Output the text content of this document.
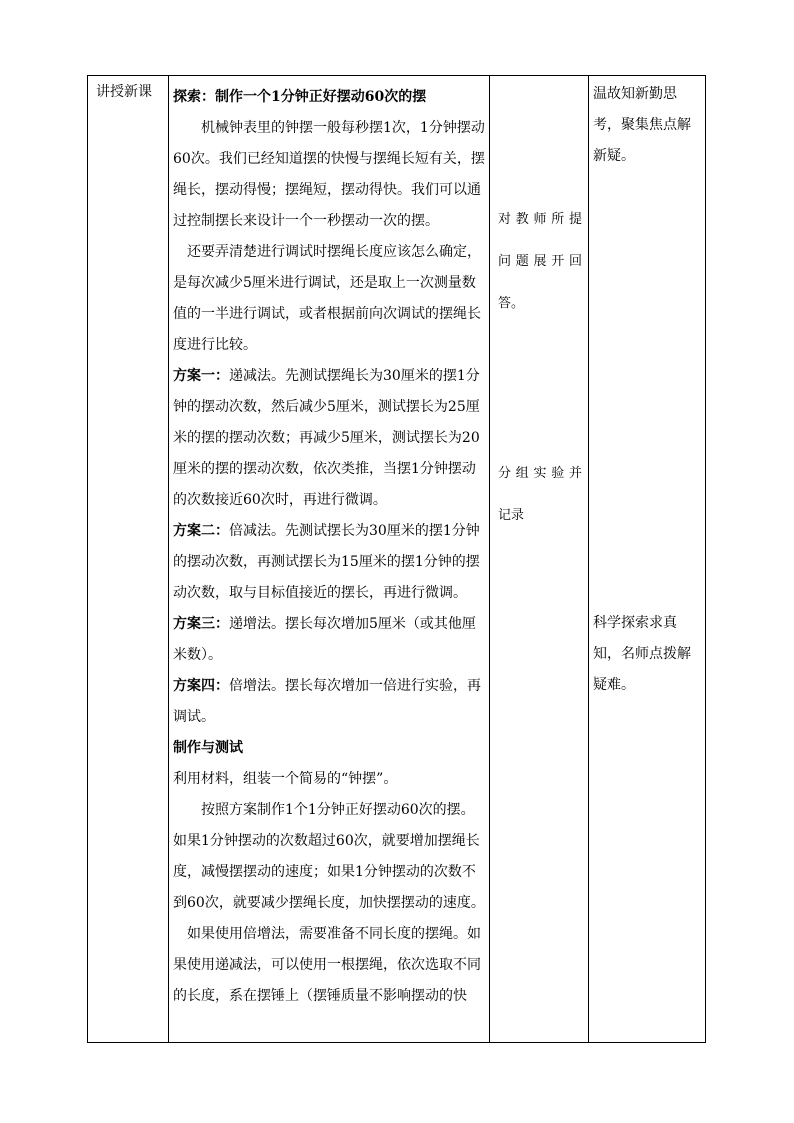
讲授新课 探索：制作一个1分钟正好摆动60次的摆

机械钟表里的钟摆一般每秒摆1次，1分钟摆动60次。我们已经知道摆的快慢与摆绳长短有关，摆绳长，摆动得慢；摆绳短，摆动得快。我们可以通过控制摆长来设计一个一秒摆动一次的摆。

还要弄清楚进行调试时摆绳长度应该怎么确定，是每次减少5厘米进行调试，还是取上一次测量数值的一半进行调试，或者根据前向次调试的摆绳长度进行比较。

方案一：递减法。先测试摆绳长为30厘米的摆1分钟的摆动次数，然后减少5厘米，测试摆长为25厘米的摆的摆动次数；再减少5厘米，测试摆长为20厘米的摆的摆动次数，依次类推，当摆1分钟摆动的次数接近60次时，再进行微调。

方案二：倍减法。先测试摆长为30厘米的摆1分钟的摆动次数，再测试摆长为15厘米的摆1分钟的摆动次数，取与目标值接近的摆长，再进行微调。

方案三：递增法。摆长每次增加5厘米（或其他厘米数）。

方案四：倍增法。摆长每次增加一倍进行实验，再调试。

制作与测试

利用材料，组装一个简易的“钟摆”。

按照方案制作1个1分钟正好摆动60次的摆。如果1分钟摆动的次数超过60次，就要增加摆绳长度，减慢摆摆动的速度；如果1分钟摆动的次数不到60次，就要减少摆绳长度，加快摆摆动的速度。

如果使用倍增法，需要准备不同长度的摆绳。如果使用递减法，可以使用一根摆绳，依次选取不同的长度，系在摆锤上（摆锤质量不影响摆动的快

对教师所提
问题展开回
答。
分组实验并
记录
温故知新勤思考，聚集焦点解新疑。
科学探索求真知，名师点拨解疑难。
